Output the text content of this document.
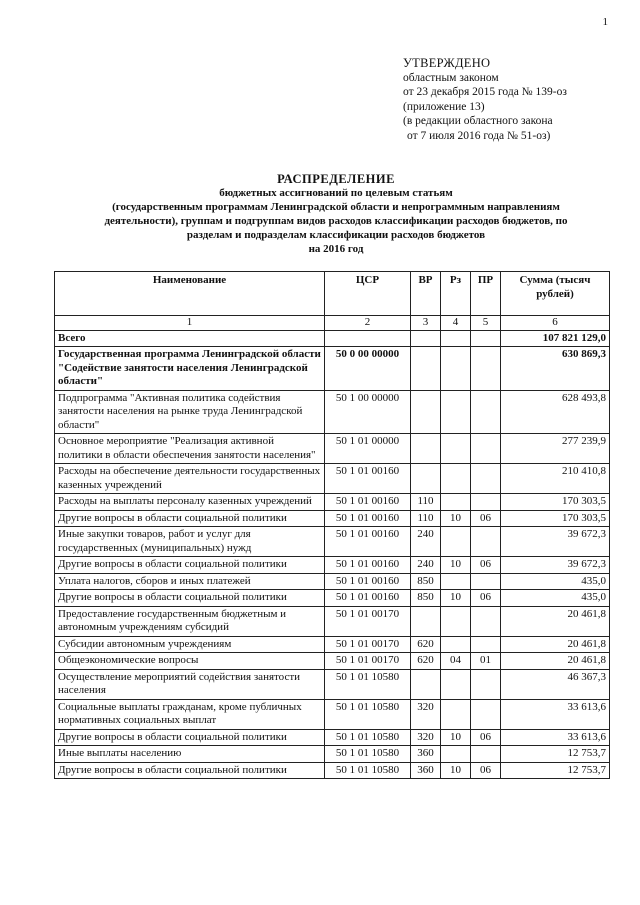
1
УТВЕРЖДЕНО
областным законом
от 23 декабря 2015 года № 139-оз
(приложение 13)
(в редакции областного закона
от 7 июля 2016 года № 51-оз)
РАСПРЕДЕЛЕНИЕ
бюджетных ассигнований по целевым статьям
(государственным программам Ленинградской области и непрограммным направлениям
деятельности), группам и подгруппам видов расходов классификации расходов бюджетов, по
разделам и подразделам классификации расходов бюджетов
на 2016 год
Наименование	ЦСР	ВР	Рз	ПР	Сумма (тысяч рублей)
1	2	3	4	5	6
Всего					107 821 129,0
Государственная программа Ленинградской области "Содействие занятости населения Ленинградской области"	50 0 00 00000				630 869,3
Подпрограмма "Активная политика содействия занятости населения на рынке труда Ленинградской области"	50 1 00 00000				628 493,8
Основное мероприятие "Реализация активной политики в области обеспечения занятости населения"	50 1 01 00000				277 239,9
Расходы на обеспечение деятельности государственных казенных учреждений	50 1 01 00160				210 410,8
Расходы на выплаты персоналу казенных учреждений	50 1 01 00160	110			170 303,5
Другие вопросы в области социальной политики	50 1 01 00160	110	10	06	170 303,5
Иные закупки товаров, работ и услуг для государственных (муниципальных) нужд	50 1 01 00160	240			39 672,3
Другие вопросы в области социальной политики	50 1 01 00160	240	10	06	39 672,3
Уплата налогов, сборов и иных платежей	50 1 01 00160	850			435,0
Другие вопросы в области социальной политики	50 1 01 00160	850	10	06	435,0
Предоставление государственным бюджетным и автономным учреждениям субсидий	50 1 01 00170				20 461,8
Субсидии автономным учреждениям	50 1 01 00170	620			20 461,8
Общеэкономические вопросы	50 1 01 00170	620	04	01	20 461,8
Осуществление мероприятий содействия занятости населения	50 1 01 10580				46 367,3
Социальные выплаты гражданам, кроме публичных нормативных социальных выплат	50 1 01 10580	320			33 613,6
Другие вопросы в области социальной политики	50 1 01 10580	320	10	06	33 613,6
Иные выплаты населению	50 1 01 10580	360			12 753,7
Другие вопросы в области социальной политики	50 1 01 10580	360	10	06	12 753,7
